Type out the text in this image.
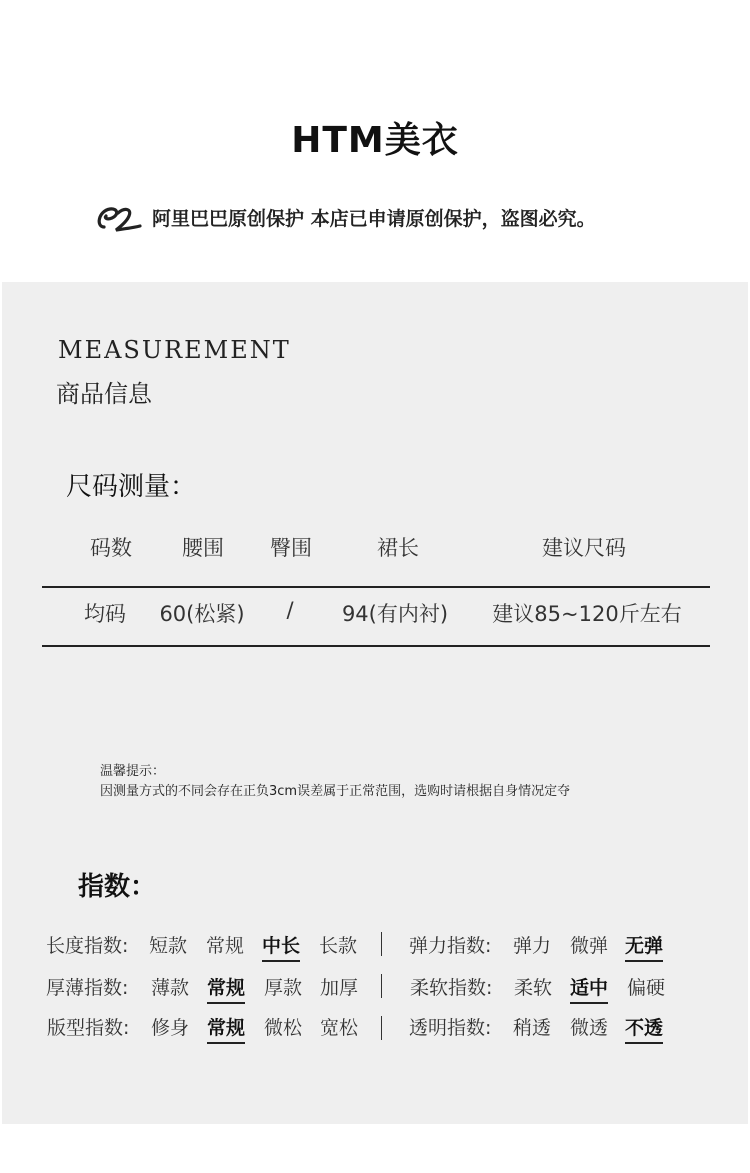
HTM美衣
阿里巴巴原创保护 本店已申请原创保护，盗图必究。
MEASUREMENT
商品信息
尺码测量：
码数 腰围 臀围	裙长	建议尺码
均码 60(松紧) / 94(有内衬) 建议85~120斤左右
温馨提示：
因测量方式的不同会存在正负3cm误差属于正常范围，选购时请根据自身情况定夺
指数：
长度指数: 短款 常规 中长 长款	弹力指数: 弹力 微弹 无弹
厚薄指数: 薄款 常规 厚款 加厚	柔软指数: 柔软 适中 偏硬
版型指数: 修身 常规 微松 宽松	透明指数: 稍透 微透 不透
